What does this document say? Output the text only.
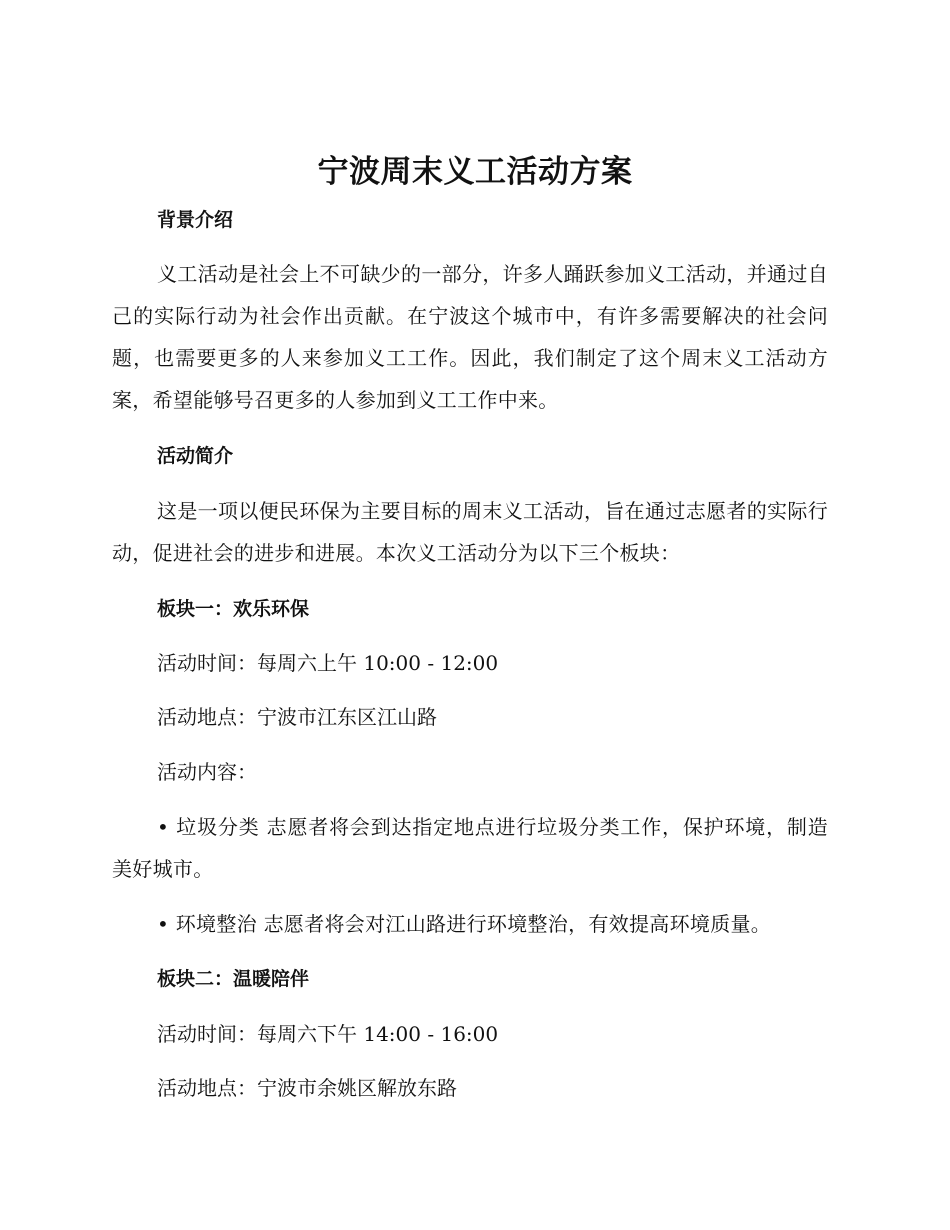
宁波周末义工活动方案
背景介绍

义工活动是社会上不可缺少的一部分，许多人踊跃参加义工活动，并通过自己的实际行动为社会作出贡献。在宁波这个城市中，有许多需要解决的社会问题，也需要更多的人来参加义工工作。因此，我们制定了这个周末义工活动方案，希望能够号召更多的人参加到义工工作中来。

活动简介

这是一项以便民环保为主要目标的周末义工活动，旨在通过志愿者的实际行动，促进社会的进步和进展。本次义工活动分为以下三个板块：

板块一：欢乐环保
活动时间：每周六上午 10:00 - 12:00
活动地点：宁波市江东区江山路
活动内容：

• 垃圾分类 志愿者将会到达指定地点进行垃圾分类工作，保护环境，制造美好城市。

• 环境整治 志愿者将会对江山路进行环境整治，有效提高环境质量。

板块二：温暖陪伴
活动时间：每周六下午 14:00 - 16:00
活动地点：宁波市余姚区解放东路
